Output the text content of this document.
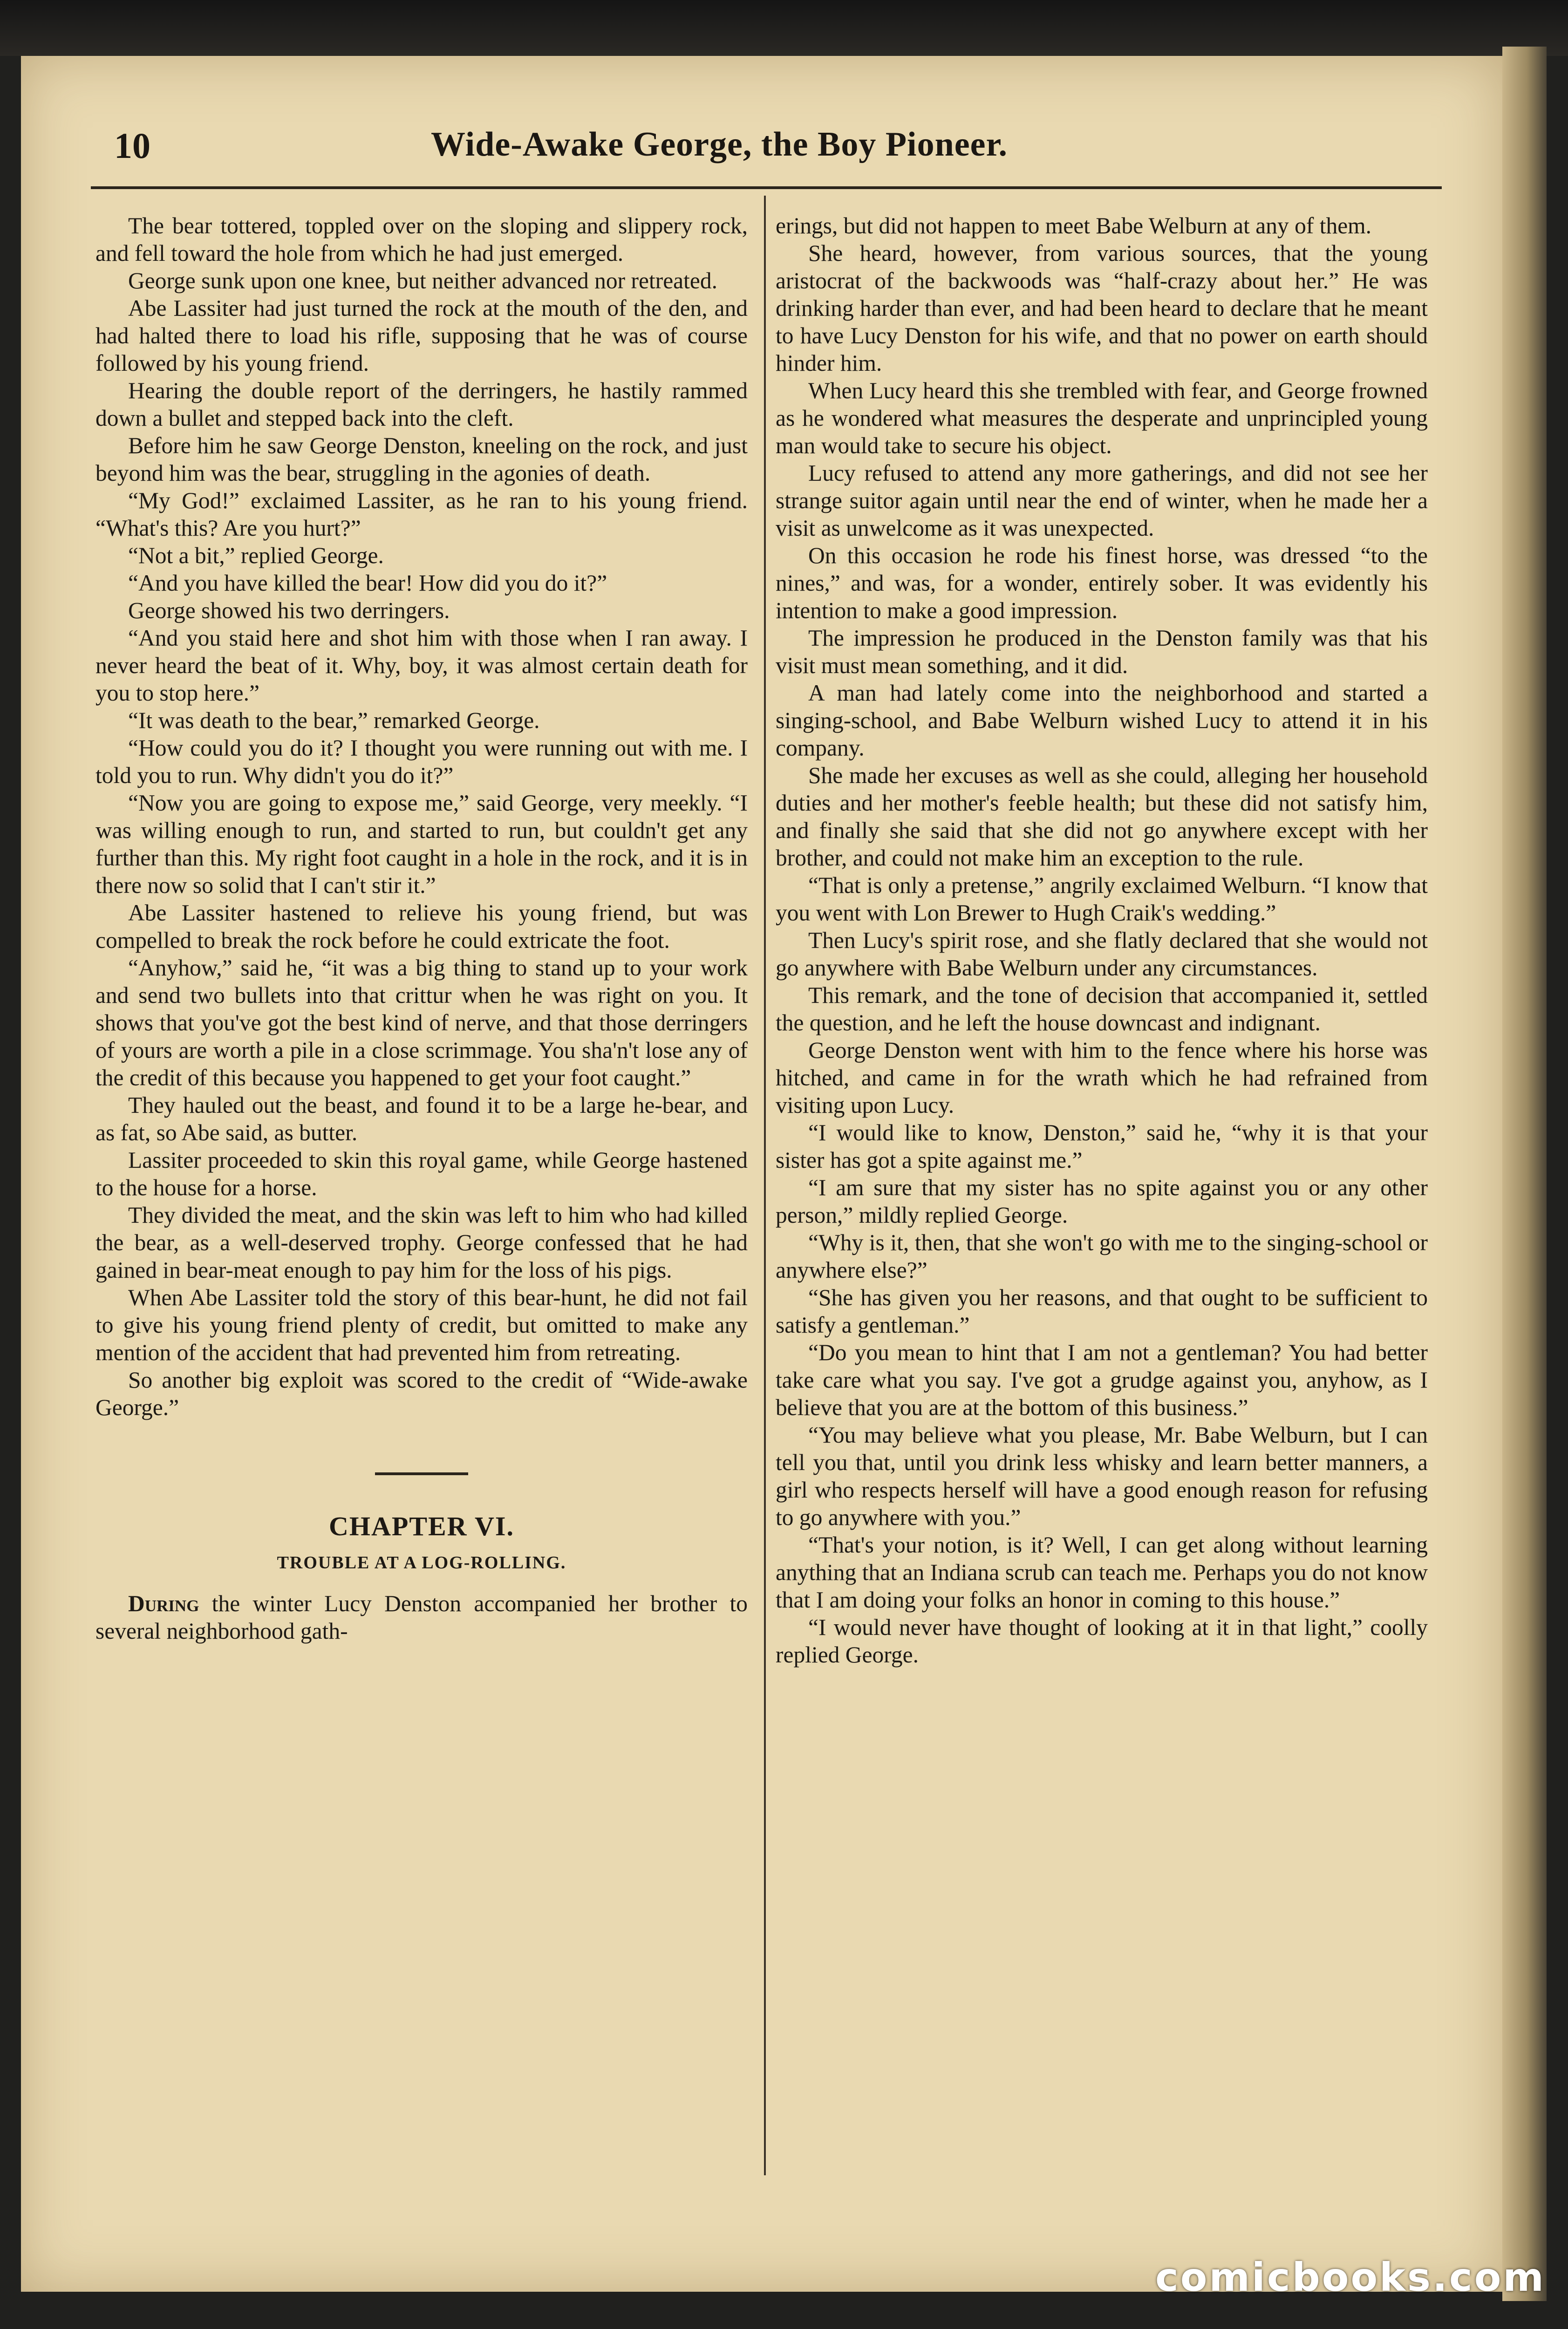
10	Wide-Awake George, the Boy Pioneer.

The bear tottered, toppled over on the sloping and slippery rock, and fell toward the hole from which he had just emerged.

George sunk upon one knee, but neither advanced nor retreated.

Abe Lassiter had just turned the rock at the mouth of the den, and had halted there to load his rifle, supposing that he was of course followed by his young friend.

Hearing the double report of the derringers, he hastily rammed down a bullet and stepped back into the cleft.

Before him he saw George Denston, kneeling on the rock, and just beyond him was the bear, struggling in the agonies of death.

“My God!” exclaimed Lassiter, as he ran to his young friend. “What's this? Are you hurt?”

“Not a bit,” replied George.

“And you have killed the bear! How did you do it?”

George showed his two derringers.

“And you staid here and shot him with those when I ran away. I never heard the beat of it. Why, boy, it was almost certain death for you to stop here.”

“It was death to the bear,” remarked George.

“How could you do it? I thought you were running out with me. I told you to run. Why didn't you do it?”

“Now you are going to expose me,” said George, very meekly. “I was willing enough to run, and started to run, but couldn't get any further than this. My right foot caught in a hole in the rock, and it is in there now so solid that I can't stir it.”

Abe Lassiter hastened to relieve his young friend, but was compelled to break the rock before he could extricate the foot.

“Anyhow,” said he, “it was a big thing to stand up to your work and send two bullets into that crittur when he was right on you. It shows that you've got the best kind of nerve, and that those derringers of yours are worth a pile in a close scrimmage. You sha'n't lose any of the credit of this because you happened to get your foot caught.”

They hauled out the beast, and found it to be a large he-bear, and as fat, so Abe said, as butter.

Lassiter proceeded to skin this royal game, while George hastened to the house for a horse.

They divided the meat, and the skin was left to him who had killed the bear, as a well-deserved trophy. George confessed that he had gained in bear-meat enough to pay him for the loss of his pigs.

When Abe Lassiter told the story of this bear-hunt, he did not fail to give his young friend plenty of credit, but omitted to make any mention of the accident that had prevented him from retreating.

So another big exploit was scored to the credit of “Wide-awake George.”

CHAPTER VI.
TROUBLE AT A LOG-ROLLING.

During the winter Lucy Denston accompanied her brother to several neighborhood gath-

erings, but did not happen to meet Babe Welburn at any of them.

She heard, however, from various sources, that the young aristocrat of the backwoods was “half-crazy about her.” He was drinking harder than ever, and had been heard to declare that he meant to have Lucy Denston for his wife, and that no power on earth should hinder him.

When Lucy heard this she trembled with fear, and George frowned as he wondered what measures the desperate and unprincipled young man would take to secure his object.

Lucy refused to attend any more gatherings, and did not see her strange suitor again until near the end of winter, when he made her a visit as unwelcome as it was unexpected.

On this occasion he rode his finest horse, was dressed “to the nines,” and was, for a wonder, entirely sober. It was evidently his intention to make a good impression.

The impression he produced in the Denston family was that his visit must mean something, and it did.

A man had lately come into the neighborhood and started a singing-school, and Babe Welburn wished Lucy to attend it in his company.

She made her excuses as well as she could, alleging her household duties and her mother's feeble health; but these did not satisfy him, and finally she said that she did not go anywhere except with her brother, and could not make him an exception to the rule.

“That is only a pretense,” angrily exclaimed Welburn. “I know that you went with Lon Brewer to Hugh Craik's wedding.”

Then Lucy's spirit rose, and she flatly declared that she would not go anywhere with Babe Welburn under any circumstances.

This remark, and the tone of decision that accompanied it, settled the question, and he left the house downcast and indignant.

George Denston went with him to the fence where his horse was hitched, and came in for the wrath which he had refrained from visiting upon Lucy.

“I would like to know, Denston,” said he, “why it is that your sister has got a spite against me.”

“I am sure that my sister has no spite against you or any other person,” mildly replied George.

“Why is it, then, that she won't go with me to the singing-school or anywhere else?”

“She has given you her reasons, and that ought to be sufficient to satisfy a gentleman.”

“Do you mean to hint that I am not a gentleman? You had better take care what you say. I've got a grudge against you, anyhow, as I believe that you are at the bottom of this business.”

“You may believe what you please, Mr. Babe Welburn, but I can tell you that, until you drink less whisky and learn better manners, a girl who respects herself will have a good enough reason for refusing to go anywhere with you.”

“That's your notion, is it? Well, I can get along without learning anything that an Indiana scrub can teach me. Perhaps you do not know that I am doing your folks an honor in coming to this house.”

“I would never have thought of looking at it in that light,” coolly replied George.

comicbooks.com
